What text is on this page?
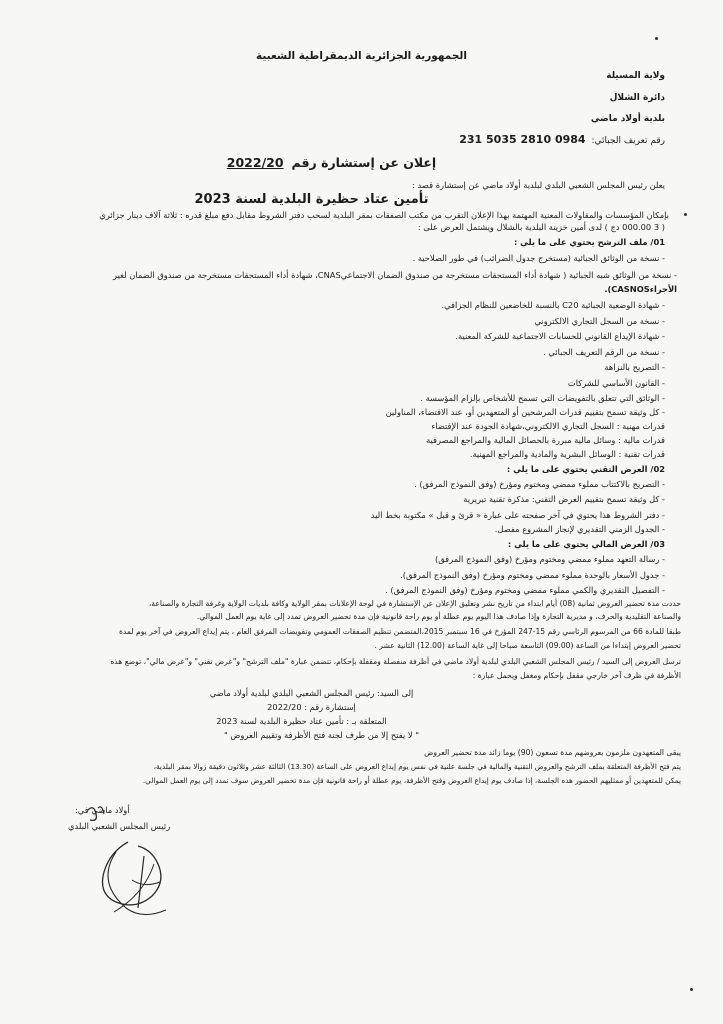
الجمهورية الجزائرية الديمقراطية الشعبية
ولاية المسيلة
دائرة الشلال
بلدية أولاد ماضي
رقم تعريف الجبائي: 0984 2810 5035 231
إعلان عن إستشارة رقم 2022/20
يعلن رئيس المجلس الشعبي البلدي لبلدية أولاد ماضي عن إستشارة قصد :
تأمين عتاد حظيرة البلدية لسنة 2023
بإمكان المؤسسات والمقاولات المعنية المهتمة بهذا الإعلان التقرب من مكتب الصفقات بمقر البلدية لسحب دفتر الشروط مقابل دفع مبلغ قدره : ثلاثة آلاف دينار جزائري
( 3 000.00 دج ) لدى أمين خزينة البلدية بالشلال ويشتمل العرض على :
01/ ملف الترشح يحتوي على ما يلي :
- نسخة من الوثائق الجبائية (مستخرج جدول الضرائب) في طور الصلاحية .
- نسخة من الوثائق شبه الجبائية ( شهادة أداء المستحقات مستخرجة من صندوق الضمان الاجتماعيCNAS، شهادة أداء المستحقات مستخرجة من صندوق الضمان لغير
الأجراءCASNOS).
- شهادة الوضعية الجبائية C20 بالنسبة للخاضعين للنظام الجزافي.
- نسخة من السجل التجاري الالكتروني
- شهادة الإيداع القانوني للحسابات الاجتماعية للشركة المعنية.
- نسخة من الرقم التعريف الجبائي .
- التصريح بالنزاهة
- القانون الأساسي للشركات
- الوثائق التي تتعلق بالتفويضات التي تسمح للأشخاص بإلزام المؤسسة .
- كل وثيقة تسمح بتقييم قدرات المرشحين أو المتعهدين أو، عند الاقتضاء، المناولين
قدرات مهنية : السجل التجاري الالكتروني،شهادة الجودة عند الإقتضاء
قدرات مالية : وسائل مالية مبررة بالحصائل المالية والمراجع المصرفية
قدرات تقنية : الوسائل البشرية والمادية والمراجع المهنية.
02/ العرض التقني يحتوي على ما يلي :
- التصريح بالاكتتاب مملوء ممضي ومختوم ومؤرخ (وفق النموذج المرفق) .
- كل وثيقة تسمح بتقييم العرض التقني: مذكرة تقنية تبريرية
- دفتر الشروط هذا يحتوي في آخر صفحته على عبارة « قرئ و قبل » مكتوبة بخط اليد
- الجدول الزمني التقديري لإنجاز المشروع مفصل.
03/ العرض المالي يحتوي على ما يلي :
- رسالة التعهد مملوء ممضي ومختوم ومؤرخ (وفق النموذج المرفق)
- جدول الأسعار بالوحدة مملوء ممضي ومختوم ومؤرخ (وفق النموذج المرفق).
- التفصيل التقديري والكمي مملوء ممضي ومختوم ومؤرخ (وفق النموذج المرفق) .
حددت مدة تحضير العروض ثمانية (08) أيام ابتداء من تاريخ نشر وتعليق الإعلان عن الإستشارة في لوحة الإعلانات بمقر الولاية وكافة بلديات الولاية وغرفة التجارة والصناعة،
والصناعة التقليدية والحرف، و مديرية التجارة وإذا صادف هذا اليوم يوم عطلة أو يوم راحة قانونية فإن مدة تحضير العروض تمدد إلى غاية يوم العمل الموالي.
طبقا للمادة 66 من المرسوم الرئاسي رقم 15-247 المؤرخ في 16 سبتمبر 2015،المتضمن تنظيم الصفقات العمومي وتفويضات المرفق العام ، يتم إيداع العروض في آخر يوم لمدة
تحضير العروض إبتداءا من الساعة (09.00) التاسعة صباحا إلى غاية الساعة (12.00) الثانية عشر .
ترسل العروض إلى السيد / رئيس المجلس الشعبي البلدي لبلدية أولاد ماضي في أظرفة منفصلة ومقفلة بإحكام، تتضمن عبارة "ملف الترشح" و"عرض تقني" و"عرض مالي"، توضع هذه
الأظرفة في ظرف آخر خارجي مقفل بإحكام ومغفل ويحمل عبارة :
إلى السيد: رئيس المجلس الشعبي البلدي لبلدية أولاد ماضي
إستشارة رقم : 2022/20
المتعلقة بـ : تأمين عتاد حظيرة البلدية لسنة 2023
" لا يفتح إلا من طرف لجنة فتح الأظرفة وتقييم العروض "
يبقى المتعهدون ملزمون بعروضهم مدة تسعون (90) يوما زائد مدة تحضير العروض
يتم فتح الأظرفة المتعلقة بملف الترشح والعروض التقنية والمالية في جلسة علنية في نفس يوم إيداع العروض على الساعة (13.30) الثالثة عشر وثلاثون دقيقة زوالا بمقر البلدية،
يمكن للمتعهدين أو ممثليهم الحضور هده الجلسة، إذا صادف يوم إيداع العروض وفتح الأظرفة، يوم عطلة أو راحة قانونية فإن مدة تحضير العروض سوف تمدد إلى يوم العمل الموالي.
أولاد ماضي في:
رئيس المجلس الشعبي البلدي
